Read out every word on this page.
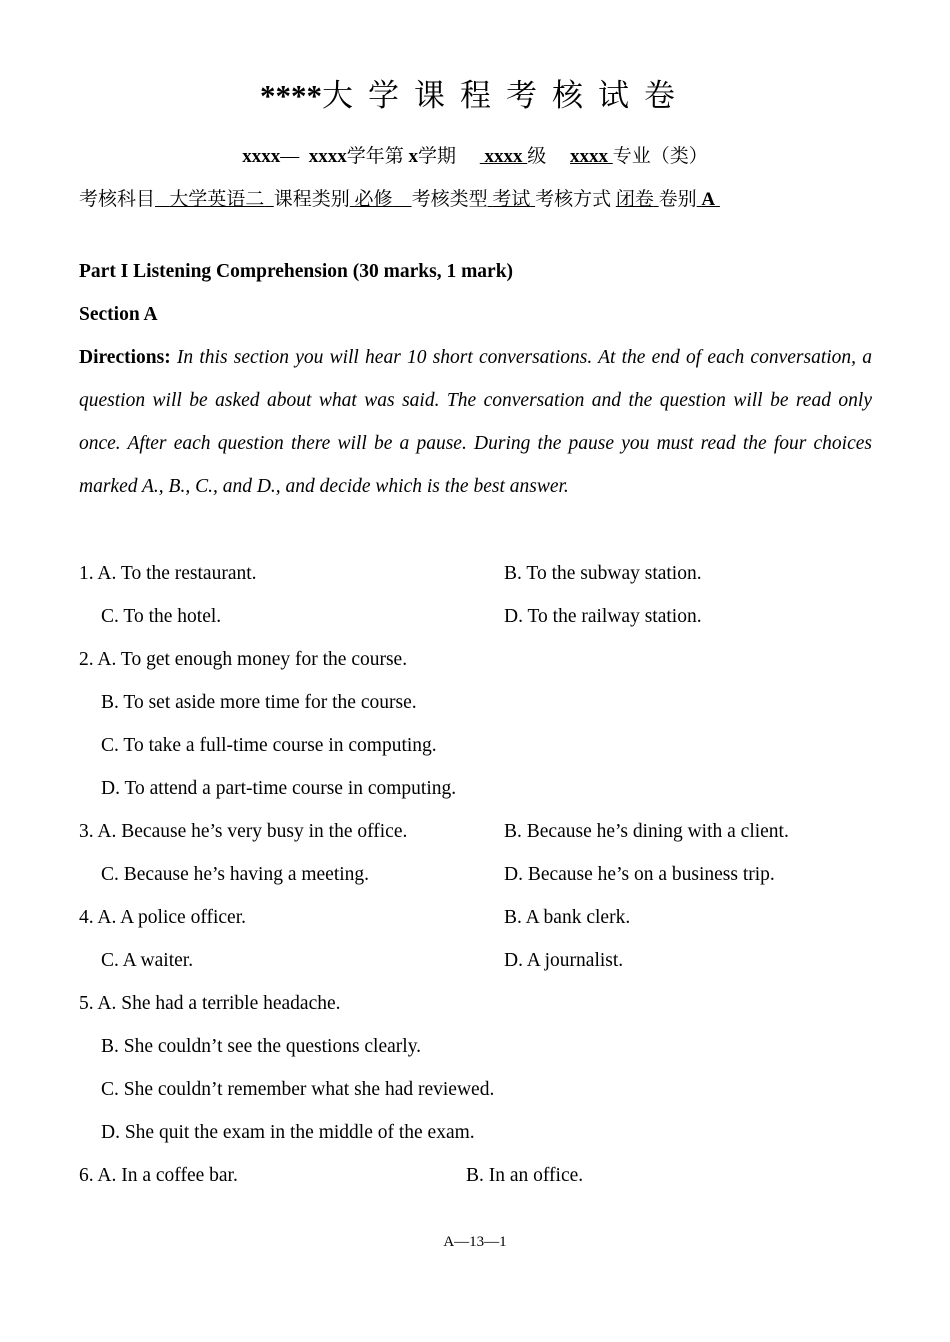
****大学课程考核试卷
xxxx— xxxx学年第 x学期 xxxx 级 xxxx 专业（类）
考核科目 大学英语二 课程类别 必修 考核类型 考试 考核方式 闭卷 卷别 A
Part I Listening Comprehension (30 marks, 1 mark)
Section A
Directions: In this section you will hear 10 short conversations. At the end of each conversation, a question will be asked about what was said. The conversation and the question will be read only once. After each question there will be a pause. During the pause you must read the four choices marked A., B., C., and D., and decide which is the best answer.
1. A. To the restaurant.	B. To the subway station.
C. To the hotel.	D. To the railway station.
2. A. To get enough money for the course.
B. To set aside more time for the course.
C. To take a full-time course in computing.
D. To attend a part-time course in computing.
3. A. Because he’s very busy in the office.	B. Because he’s dining with a client.
C. Because he’s having a meeting.	D. Because he’s on a business trip.
4. A. A police officer.	B. A bank clerk.
C. A waiter.	D. A journalist.
5. A. She had a terrible headache.
B. She couldn’t see the questions clearly.
C. She couldn’t remember what she had reviewed.
D. She quit the exam in the middle of the exam.
6. A. In a coffee bar.	B. In an office.
A—13—1
